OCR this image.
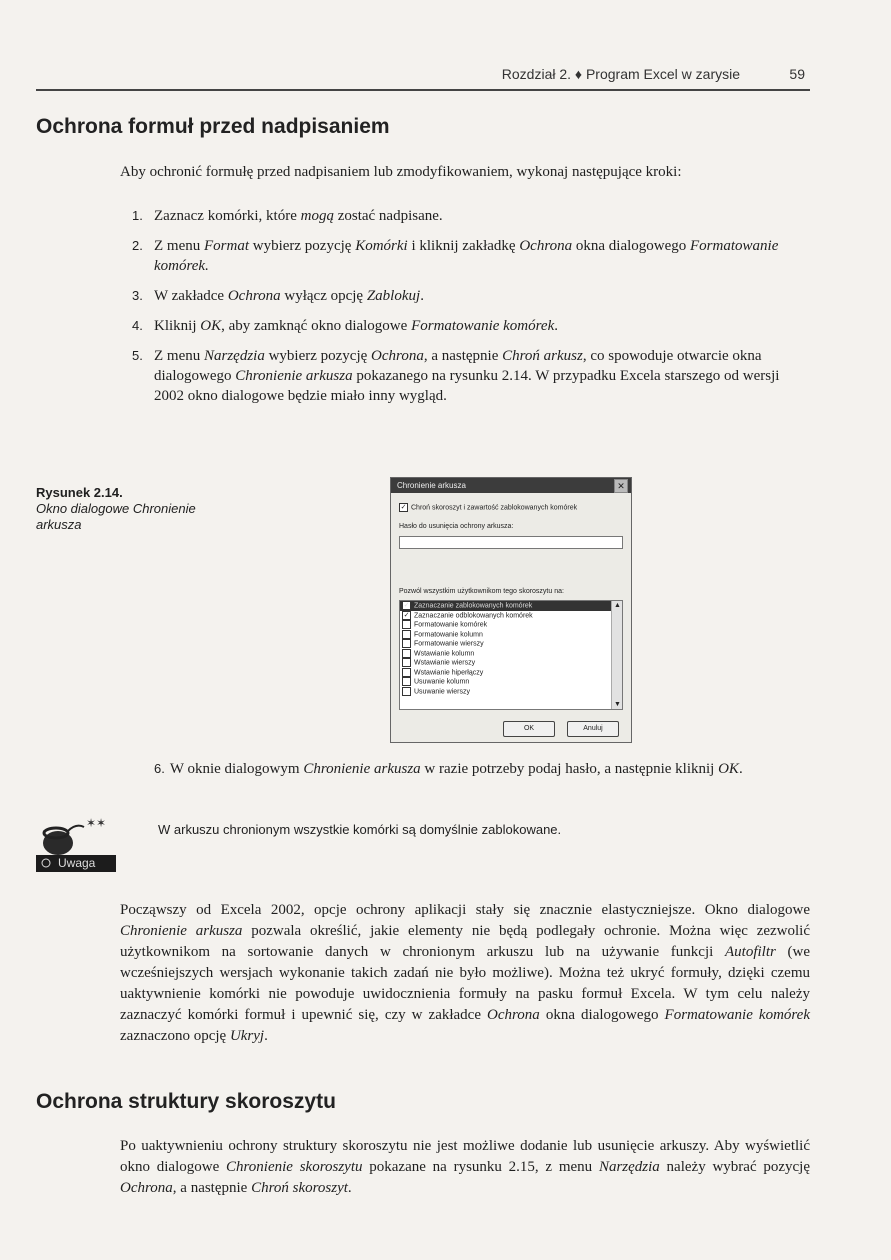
Rozdział 2. ♦ Program Excel w zarysie	59
Ochrona formuł przed nadpisaniem

Aby ochronić formułę przed nadpisaniem lub zmodyfikowaniem, wykonaj następujące kroki:

1. Zaznacz komórki, które mogą zostać nadpisane.
2. Z menu Format wybierz pozycję Komórki i kliknij zakładkę Ochrona okna dialogowego Formatowanie komórek.
3. W zakładce Ochrona wyłącz opcję Zablokuj.
4. Kliknij OK, aby zamknąć okno dialogowe Formatowanie komórek.
5. Z menu Narzędzia wybierz pozycję Ochrona, a następnie Chroń arkusz, co spowoduje otwarcie okna dialogowego Chronienie arkusza pokazanego na rysunku 2.14. W przypadku Excela starszego od wersji 2002 okno dialogowe będzie miało inny wygląd.
Rysunek 2.14.
Okno dialogowe Chronienie arkusza
Chronienie arkusza	✕
✓ Chroń skoroszyt i zawartość zablokowanych komórek
Hasło do usunięcia ochrony arkusza:
Pozwól wszystkim użytkownikom tego skoroszytu na:
✓ Zaznaczanie zablokowanych komórek
✓ Zaznaczanie odblokowanych komórek
Formatowanie komórek
Formatowanie kolumn
Formatowanie wierszy
Wstawianie kolumn
Wstawianie wierszy
Wstawianie hiperłączy
Usuwanie kolumn
Usuwanie wierszy
▲
▼
OK	Anuluj
6. W oknie dialogowym Chronienie arkusza w razie potrzeby podaj hasło, a następnie kliknij OK.
✶✶
Uwaga
W arkuszu chronionym wszystkie komórki są domyślnie zablokowane.

Począwszy od Excela 2002, opcje ochrony aplikacji stały się znacznie elastyczniejsze. Okno dialogowe Chronienie arkusza pozwala określić, jakie elementy nie będą podlegały ochronie. Można więc zezwolić użytkownikom na sortowanie danych w chronionym arkuszu lub na używanie funkcji Autofiltr (we wcześniejszych wersjach wykonanie takich zadań nie było możliwe). Można też ukryć formuły, dzięki czemu uaktywnienie komórki nie powoduje uwidocznienia formuły na pasku formuł Excela. W tym celu należy zaznaczyć komórki formuł i upewnić się, czy w zakładce Ochrona okna dialogowego Formatowanie komórek zaznaczono opcję Ukryj.

Ochrona struktury skoroszytu

Po uaktywnieniu ochrony struktury skoroszytu nie jest możliwe dodanie lub usunięcie arkuszy. Aby wyświetlić okno dialogowe Chronienie skoroszytu pokazane na rysunku 2.15, z menu Narzędzia należy wybrać pozycję Ochrona, a następnie Chroń skoroszyt.
